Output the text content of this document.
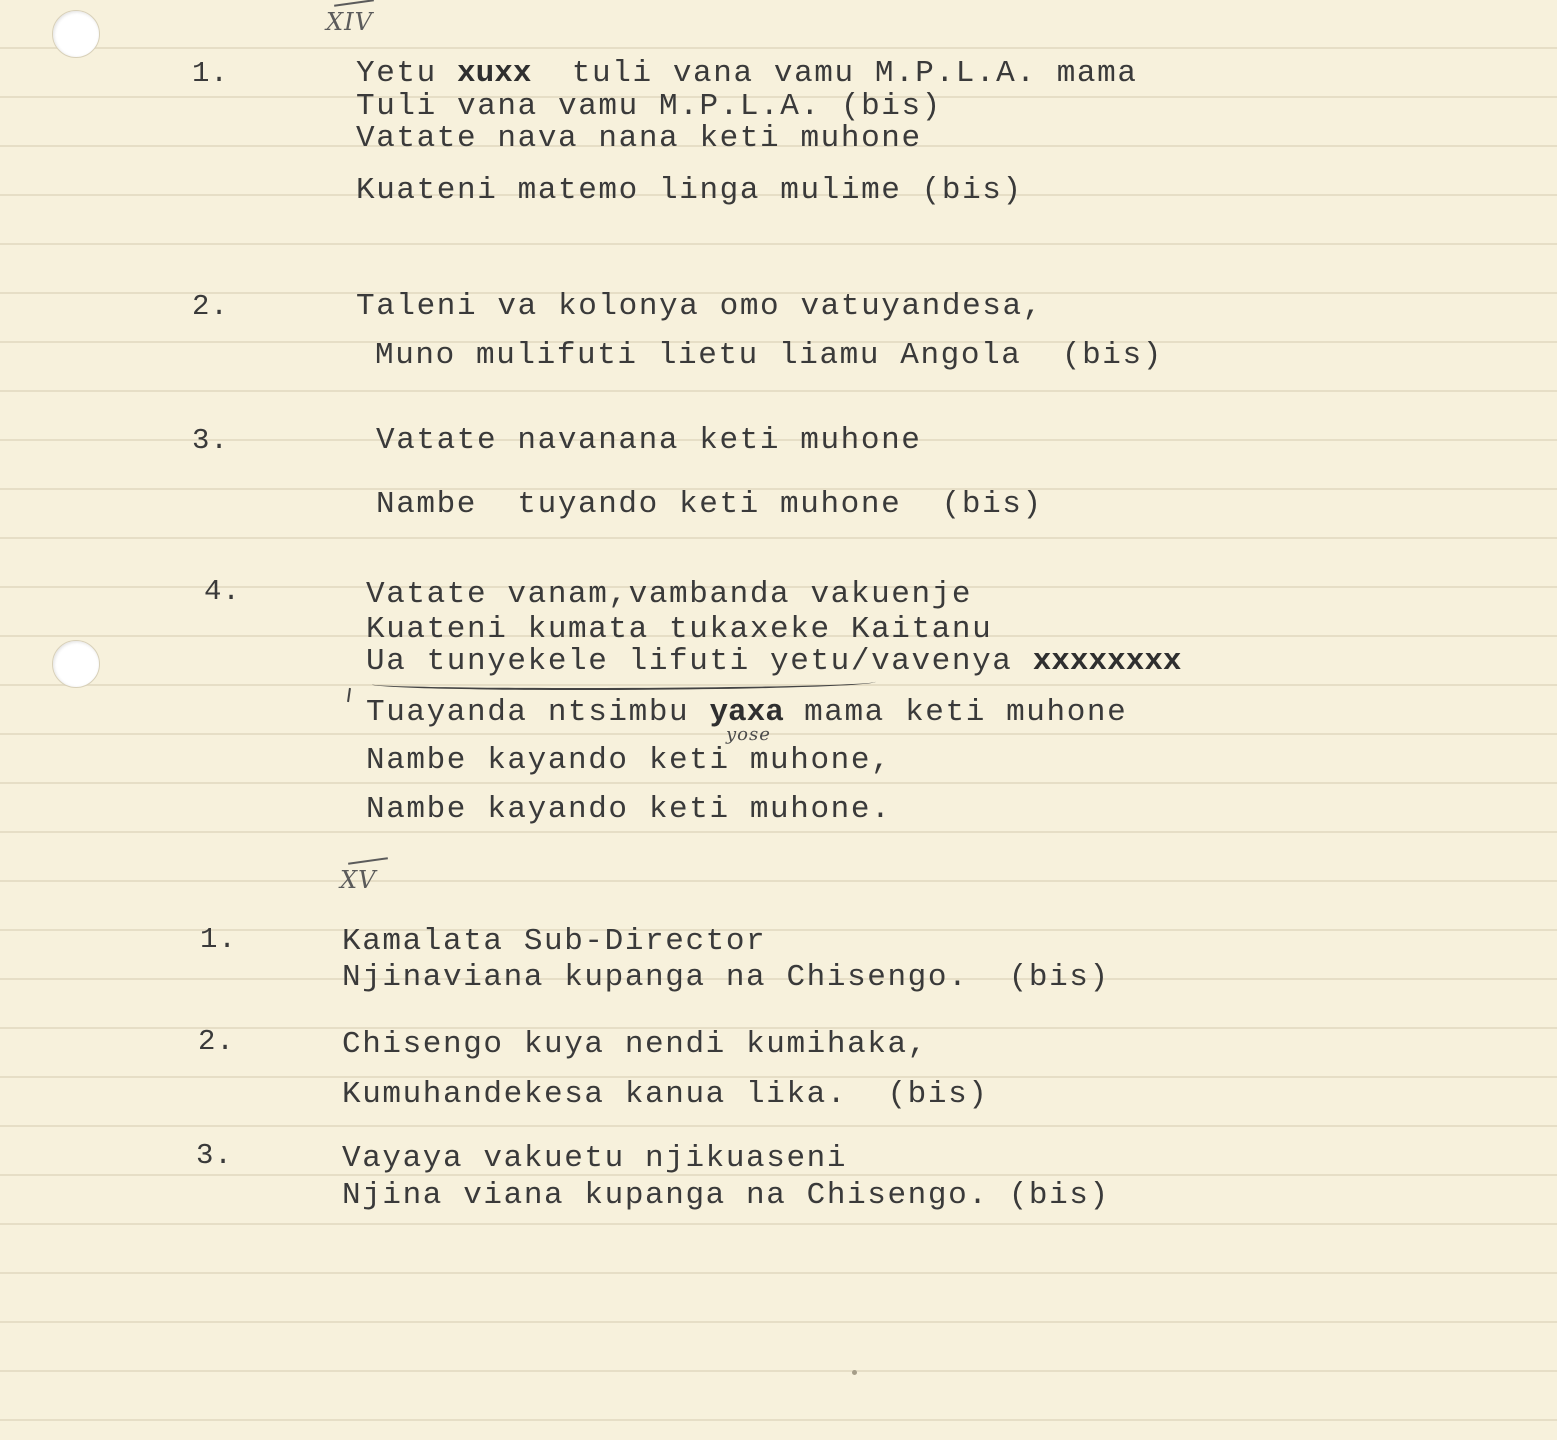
XIV
1.	Yetu xuxx tuli vana vamu M.P.L.A. mama
Tuli vana vamu M.P.L.A. (bis)
Vatate nava nana keti muhone
Kuateni matemo linga mulime (bis)
2.	Taleni va kolonya omo vatuyandesa,
Muno mulifuti lietu liamu Angola  (bis)
3.	Vatate navanana keti muhone
Nambe  tuyando keti muhone  (bis)
4.	Vatate vanam,vambanda vakuenje
Kuateni kumata tukaxeke Kaitanu
Ua tunyekele lifuti yetu/vavenya xxxxxxxx
Tuayanda ntsimbu yaxa mama keti muhone
yose
Nambe kayando keti muhone,
Nambe kayando keti muhone.
XV
1.	Kamalata Sub-Director
Njinaviana kupanga na Chisengo.  (bis)
2.	Chisengo kuya nendi kumihaka,
Kumuhandekesa kanua lika.  (bis)
3.	Vayaya vakuetu njikuaseni
Njina viana kupanga na Chisengo. (bis)
